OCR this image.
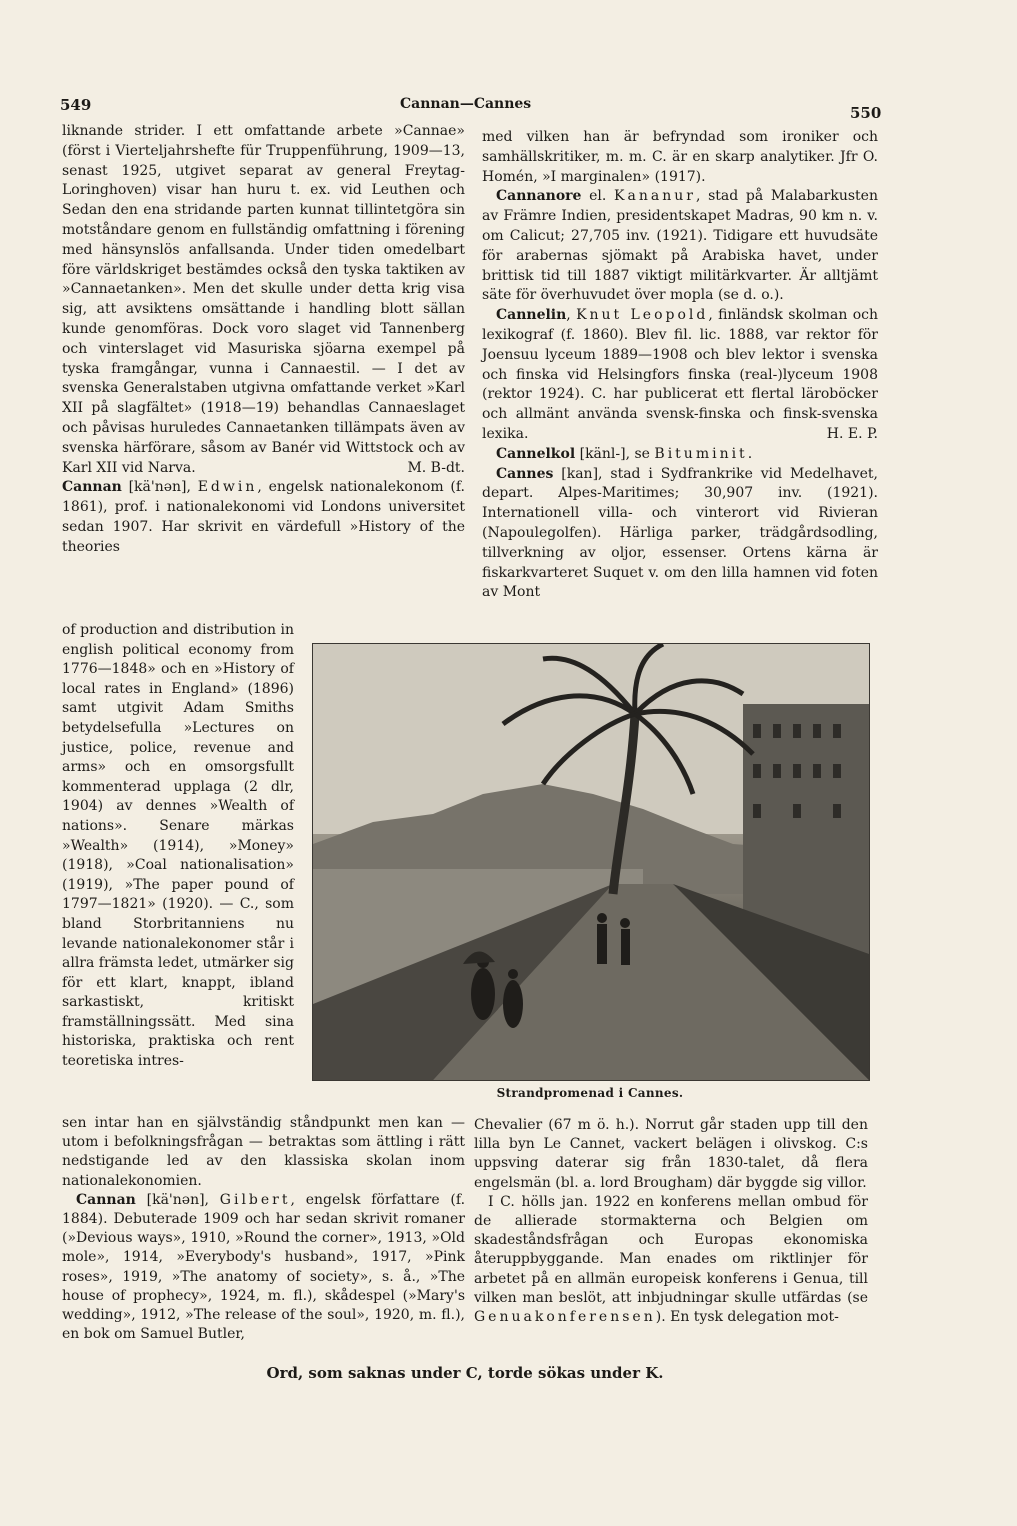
549	Cannan—Cannes	550

liknande strider. I ett omfattande arbete »Cannae» (först i Vierteljahrshefte für Truppenführung, 1909—13, senast 1925, utgivet separat av general Freytag-Loringhoven) visar han huru t. ex. vid Leuthen och Sedan den ena stridande parten kunnat tillintetgöra sin motståndare genom en fullständig omfattning i förening med hänsynslös anfallsanda. Under tiden omedelbart före världskriget bestämdes också den tyska taktiken av »Cannaetanken». Men det skulle under detta krig visa sig, att avsiktens omsättande i handling blott sällan kunde genomföras. Dock voro slaget vid Tannenberg och vinterslaget vid Masuriska sjöarna exempel på tyska framgångar, vunna i Cannaestil. — I det av svenska Generalstaben utgivna omfattande verket »Karl XII på slagfältet» (1918—19) behandlas Cannaeslaget och påvisas huruledes Cannaetanken tillämpats även av svenska härförare, såsom av Banér vid Wittstock och av Karl XII vid Narva.	M. B-dt.

Cannan [kä'nən], Edwin, engelsk nationalekonom (f. 1861), prof. i nationalekonomi vid Londons universitet sedan 1907. Har skrivit en värdefull »History of the theories

of production and distribution in english political economy from 1776—1848» och en »History of local rates in England» (1896) samt utgivit Adam Smiths betydelsefulla »Lectures on justice, police, revenue and arms» och en omsorgsfullt kommenterad upplaga (2 dlr, 1904) av dennes »Wealth of nations». Senare märkas »Wealth» (1914), »Money» (1918), »Coal nationalisation» (1919), »The paper pound of 1797—1821» (1920). — C., som bland Storbritanniens nu levande nationalekonomer står i allra främsta ledet, utmärker sig för ett klart, knappt, ibland sarkastiskt, kritiskt framställningssätt. Med sina historiska, praktiska och rent teoretiska intres-

Strandpromenad i Cannes.

sen intar han en självständig ståndpunkt men kan — utom i befolkningsfrågan — betraktas som ättling i rätt nedstigande led av den klassiska skolan inom nationalekonomien.

Cannan [kä'nən], Gilbert, engelsk författare (f. 1884). Debuterade 1909 och har sedan skrivit romaner (»Devious ways», 1910, »Round the corner», 1913, »Old mole», 1914, »Everybody's husband», 1917, »Pink roses», 1919, »The anatomy of society», s. å., »The house of prophecy», 1924, m. fl.), skådespel (»Mary's wedding», 1912, »The release of the soul», 1920, m. fl.), en bok om Samuel Butler,

med vilken han är befryndad som ironiker och samhällskritiker, m. m. C. är en skarp analytiker. Jfr O. Homén, »I marginalen» (1917).

Cannanore el. Kananur, stad på Malabarkusten av Främre Indien, presidentskapet Madras, 90 km n. v. om Calicut; 27,705 inv. (1921). Tidigare ett huvudsäte för arabernas sjömakt på Arabiska havet, under brittisk tid till 1887 viktigt militärkvarter. Är alltjämt säte för överhuvudet över mopla (se d. o.).

Cannelin, Knut Leopold, finländsk skolman och lexikograf (f. 1860). Blev fil. lic. 1888, var rektor för Joensuu lyceum 1889—1908 och blev lektor i svenska och finska vid Helsingfors finska (real-)lyceum 1908 (rektor 1924). C. har publicerat ett flertal läroböcker och allmänt använda svensk-finska och finsk-svenska lexika.	H. E. P.

Cannelkol [känl-], se Bituminit.

Cannes [kan], stad i Sydfrankrike vid Medelhavet, depart. Alpes-Maritimes; 30,907 inv. (1921). Internationell villa- och vinterort vid Rivieran (Napoulegolfen). Härliga parker, trädgårdsodling, tillverkning av oljor, essenser. Ortens kärna är fiskarkvarteret Suquet v. om den lilla hamnen vid foten av Mont

Chevalier (67 m ö. h.). Norrut går staden upp till den lilla byn Le Cannet, vackert belägen i olivskog. C:s uppsving daterar sig från 1830-talet, då flera engelsmän (bl. a. lord Brougham) där byggde sig villor.

I C. hölls jan. 1922 en konferens mellan ombud för de allierade stormakterna och Belgien om skadeståndsfrågan och Europas ekonomiska återuppbyggande. Man enades om riktlinjer för arbetet på en allmän europeisk konferens i Genua, till vilken man beslöt, att inbjudningar skulle utfärdas (se Genuakonferensen). En tysk delegation mot-

Ord, som saknas under C, torde sökas under K.
